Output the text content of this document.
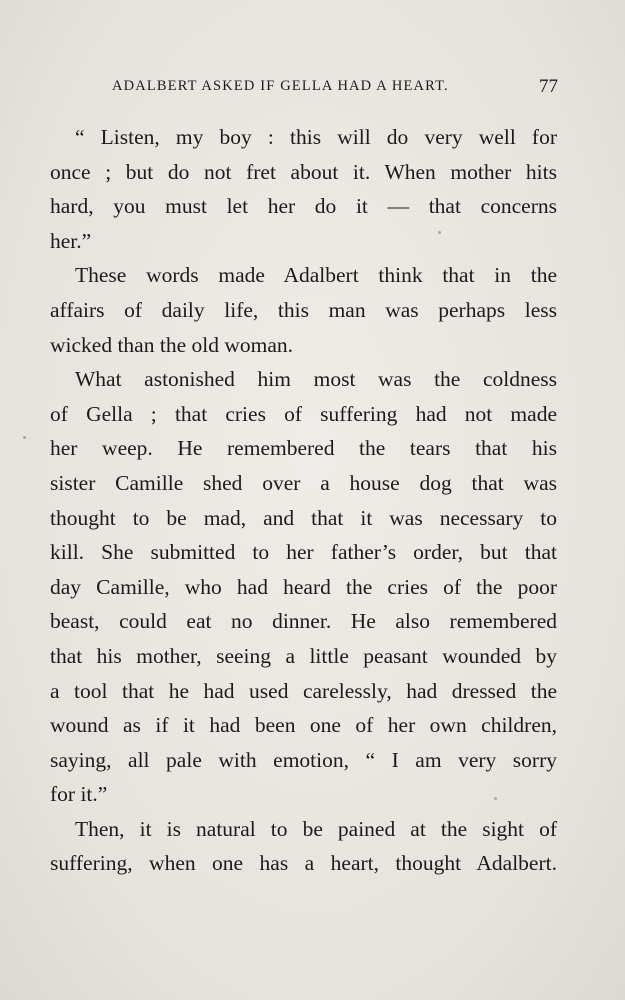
ADALBERT ASKED IF GELLA HAD A HEART.	77
“ Listen, my boy : this will do very well for
once ; but do not fret about it. When mother hits
hard, you must let her do it — that concerns
her.”
These words made Adalbert think that in the
affairs of daily life, this man was perhaps less
wicked than the old woman.
What astonished him most was the coldness
of Gella ; that cries of suffering had not made
her weep. He remembered the tears that his
sister Camille shed over a house dog that was
thought to be mad, and that it was necessary to
kill. She submitted to her father’s order, but that
day Camille, who had heard the cries of the poor
beast, could eat no dinner. He also remembered
that his mother, seeing a little peasant wounded by
a tool that he had used carelessly, had dressed the
wound as if it had been one of her own children,
saying, all pale with emotion, “ I am very sorry
for it.”
Then, it is natural to be pained at the sight of
suffering, when one has a heart, thought Adalbert.
